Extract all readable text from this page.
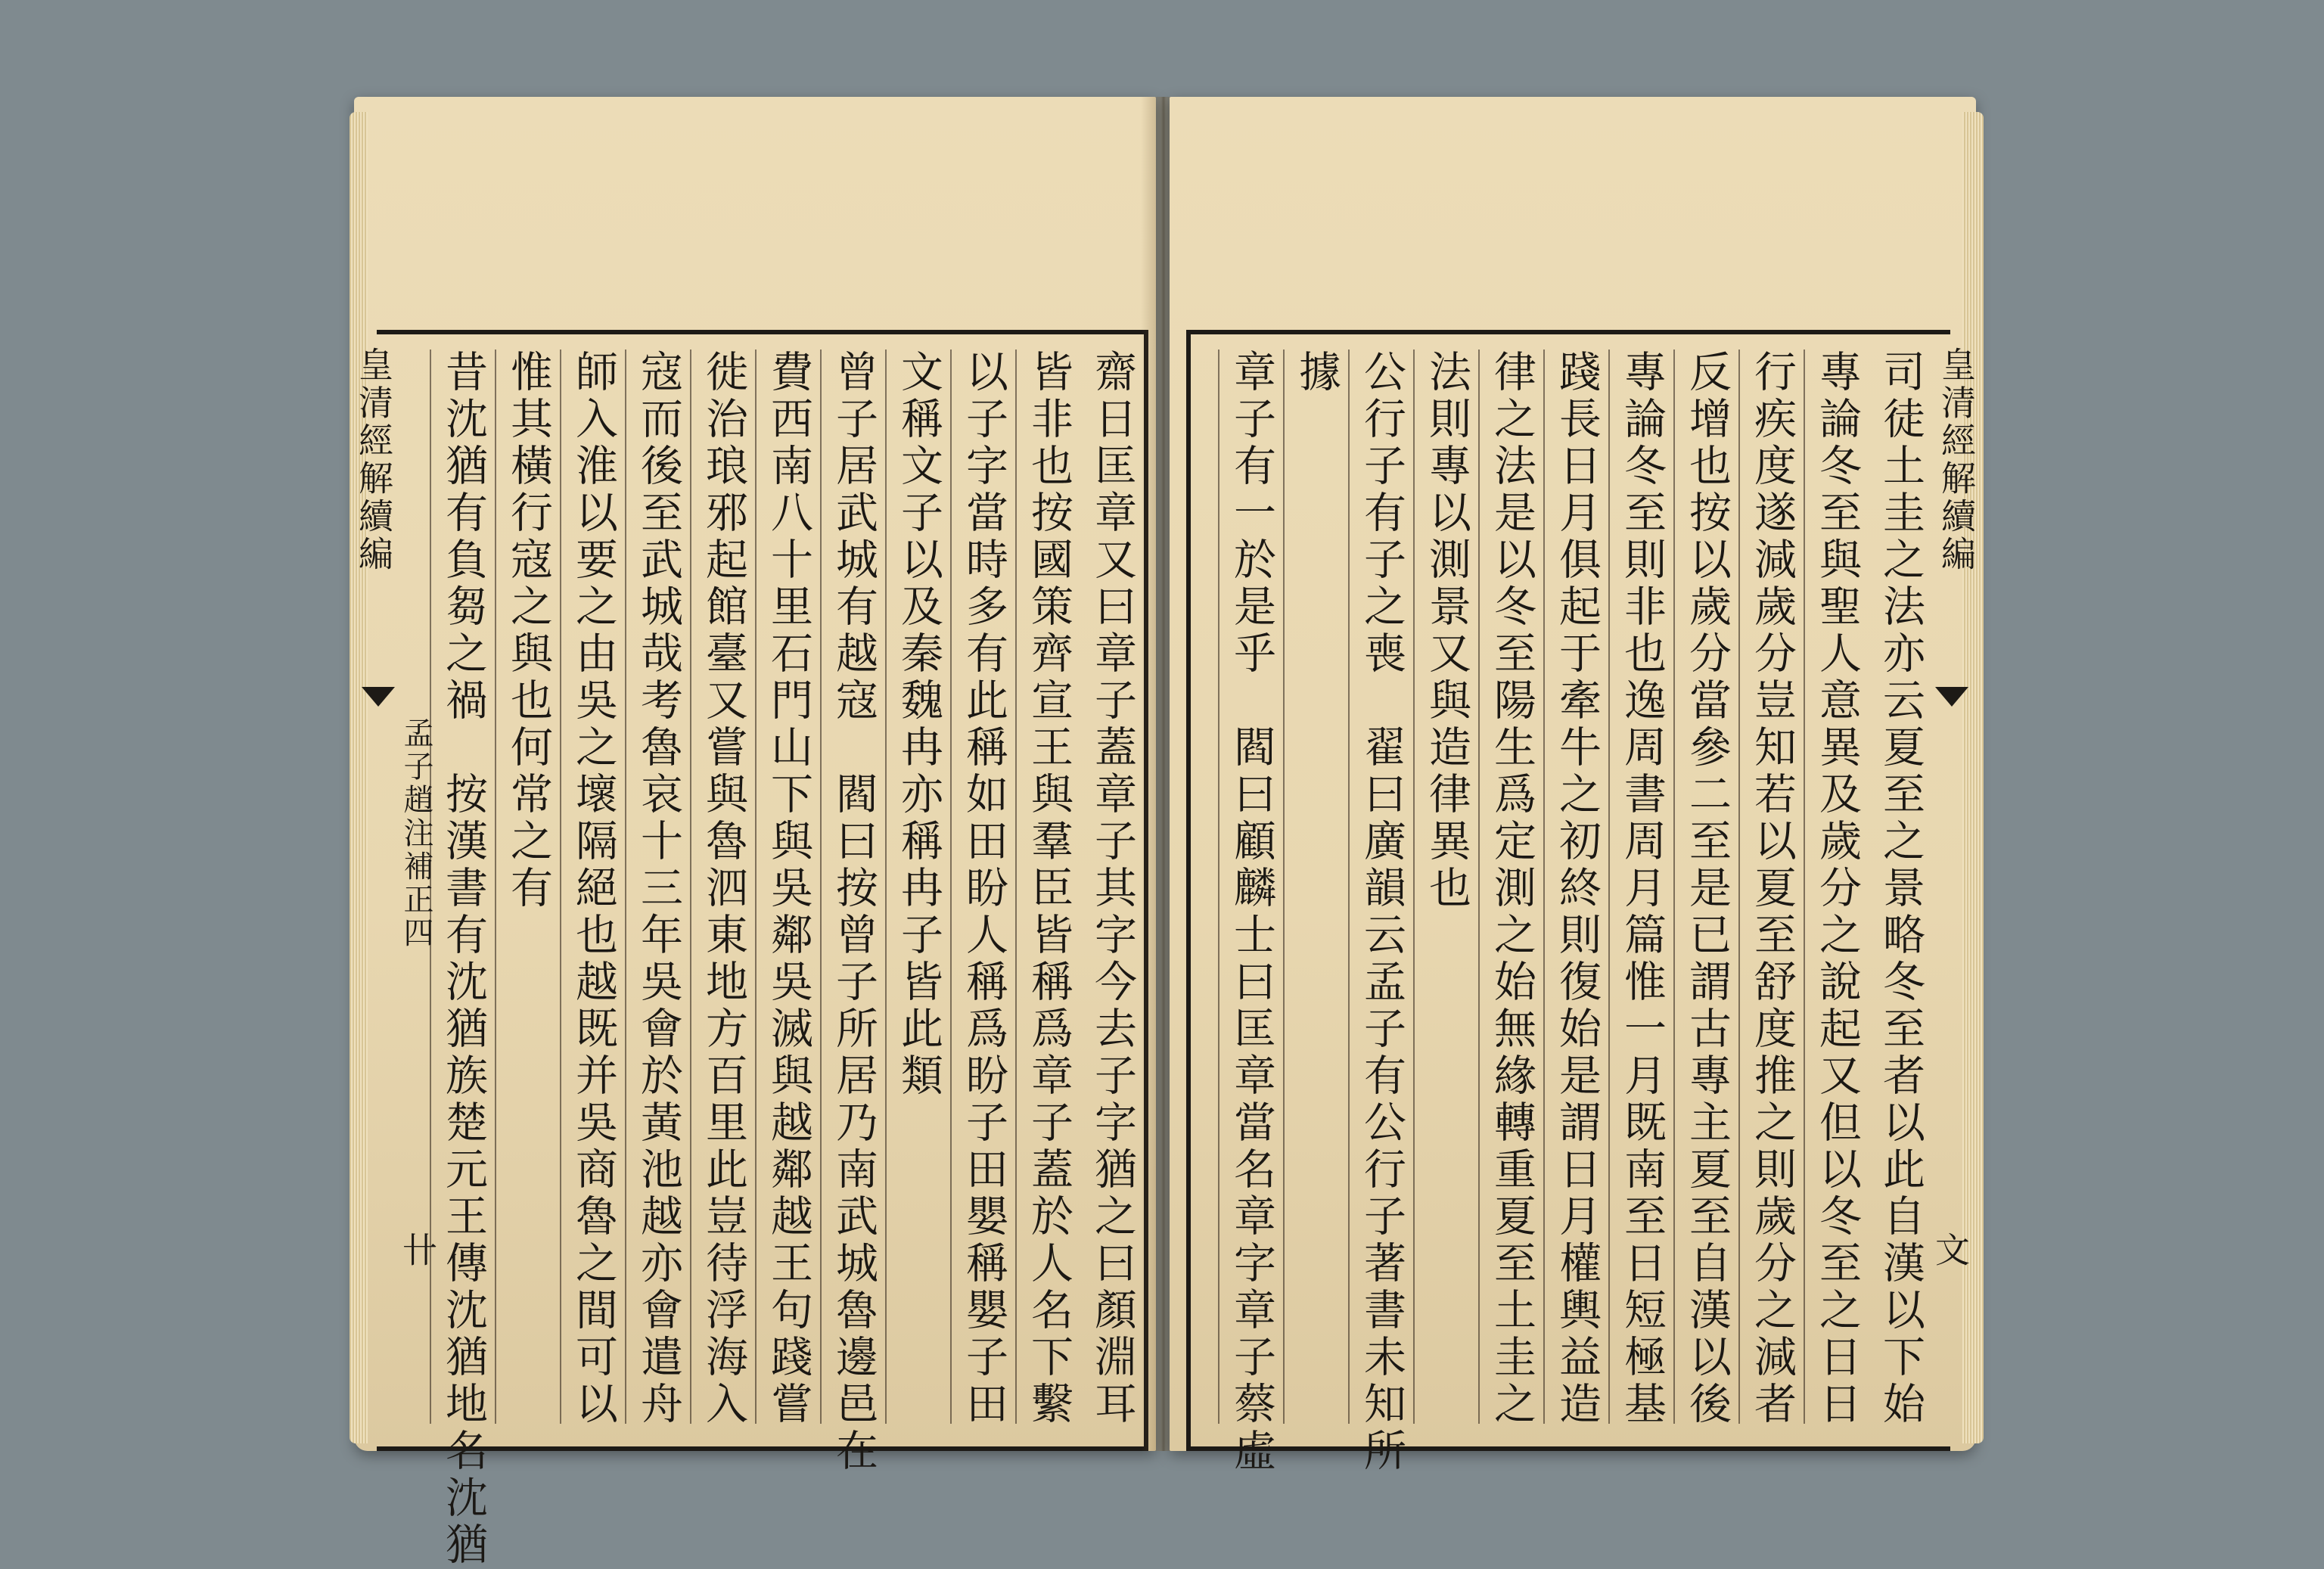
齋日匡章又曰章子蓋章子其字今去子字猶之曰顏淵耳
皆非也按國策齊宣王與羣臣皆稱爲章子蓋於人名下繫
以子字當時多有此稱如田盼人稱爲盼子田嬰稱嬰子田
文稱文子以及秦魏冉亦稱冉子皆此類
曾子居武城有越寇　閻曰按曾子所居乃南武城魯邊邑在
費西南八十里石門山下與吳鄰吳滅與越鄰越王句踐嘗
徙治琅邪起館臺又嘗與魯泗東地方百里此豈待浮海入
寇而後至武城哉考魯哀十三年吳會於黃池越亦會遣舟
師入淮以要之由吳之壞隔絕也越既并吳商魯之間可以
惟其橫行寇之與也何常之有
昔沈猶有負芻之禍　按漢書有沈猶族楚元王傳沈猶地名沈猶
皇清經解續編
孟子趙注補正四
卄	司徒土圭之法亦云夏至之景略冬至者以此自漢以下始
專論冬至與聖人意異及歲分之說起又但以冬至之日日
行疾度遂減歲分豈知若以夏至舒度推之則歲分之減者
反增也按以歲分當參二至是已謂古專主夏至自漢以後
專論冬至則非也逸周書周月篇惟一月既南至日短極基
踐長日月俱起于牽牛之初終則復始是謂日月權輿益造
律之法是以冬至陽生爲定測之始無緣轉重夏至土圭之
法則專以測景又與造律異也
公行子有子之喪　翟曰廣韻云孟子有公行子著書未知所
據
章子有一於是乎　閻曰顧麟士曰匡章當名章字章子蔡虛	皇清經解續編
文
